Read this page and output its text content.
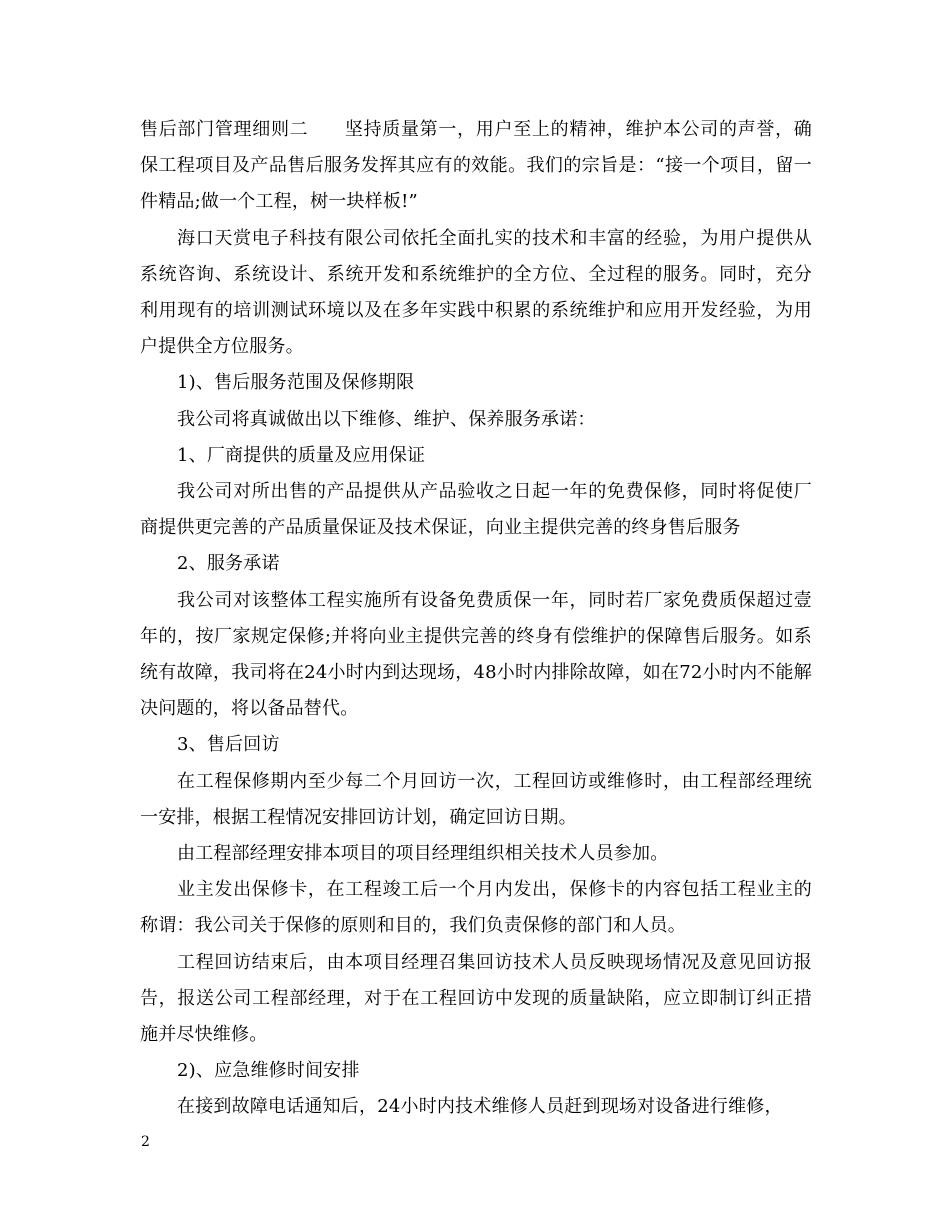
售后部门管理细则二 坚持质量第一，用户至上的精神，维护本公司的声誉，确保工程项目及产品售后服务发挥其应有的效能。我们的宗旨是：“接一个项目，留一件精品;做一个工程，树一块样板!”

海口天赏电子科技有限公司依托全面扎实的技术和丰富的经验，为用户提供从系统咨询、系统设计、系统开发和系统维护的全方位、全过程的服务。同时，充分利用现有的培训测试环境以及在多年实践中积累的系统维护和应用开发经验，为用户提供全方位服务。

1)、售后服务范围及保修期限

我公司将真诚做出以下维修、维护、保养服务承诺：

1、厂商提供的质量及应用保证

我公司对所出售的产品提供从产品验收之日起一年的免费保修，同时将促使厂商提供更完善的产品质量保证及技术保证，向业主提供完善的终身售后服务

2、服务承诺

我公司对该整体工程实施所有设备免费质保一年，同时若厂家免费质保超过壹年的，按厂家规定保修;并将向业主提供完善的终身有偿维护的保障售后服务。如系统有故障，我司将在24小时内到达现场，48小时内排除故障，如在72小时内不能解决问题的，将以备品替代。

3、售后回访

在工程保修期内至少每二个月回访一次，工程回访或维修时，由工程部经理统一安排，根据工程情况安排回访计划，确定回访日期。

由工程部经理安排本项目的项目经理组织相关技术人员参加。

业主发出保修卡，在工程竣工后一个月内发出，保修卡的内容包括工程业主的称谓：我公司关于保修的原则和目的，我们负责保修的部门和人员。

工程回访结束后，由本项目经理召集回访技术人员反映现场情况及意见回访报告，报送公司工程部经理，对于在工程回访中发现的质量缺陷，应立即制订纠正措施并尽快维修。

2)、应急维修时间安排

在接到故障电话通知后，24小时内技术维修人员赶到现场对设备进行维修，

2
